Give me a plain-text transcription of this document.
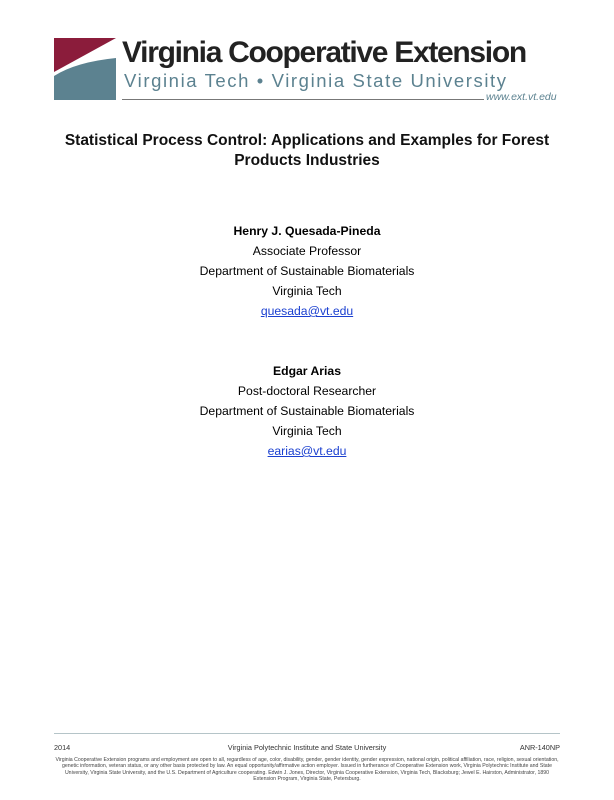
Virginia Cooperative Extension
Virginia Tech • Virginia State University
www.ext.vt.edu
Statistical Process Control: Applications and Examples for Forest Products Industries
Henry J. Quesada-Pineda
Associate Professor
Department of Sustainable Biomaterials
Virginia Tech
quesada@vt.edu
Edgar Arias
Post-doctoral Researcher
Department of Sustainable Biomaterials
Virginia Tech
earias@vt.edu
2014	Virginia Polytechnic Institute and State University	ANR-140NP
Virginia Cooperative Extension programs and employment are open to all, regardless of age, color, disability, gender, gender identity, gender expression, national origin, political affiliation, race, religion, sexual orientation, genetic information, veteran status, or any other basis protected by law. An equal opportunity/affirmative action employer. Issued in furtherance of Cooperative Extension work, Virginia Polytechnic Institute and State University, Virginia State University, and the U.S. Department of Agriculture cooperating. Edwin J. Jones, Director, Virginia Cooperative Extension, Virginia Tech, Blacksburg; Jewel E. Hairston, Administrator, 1890 Extension Program, Virginia State, Petersburg.
